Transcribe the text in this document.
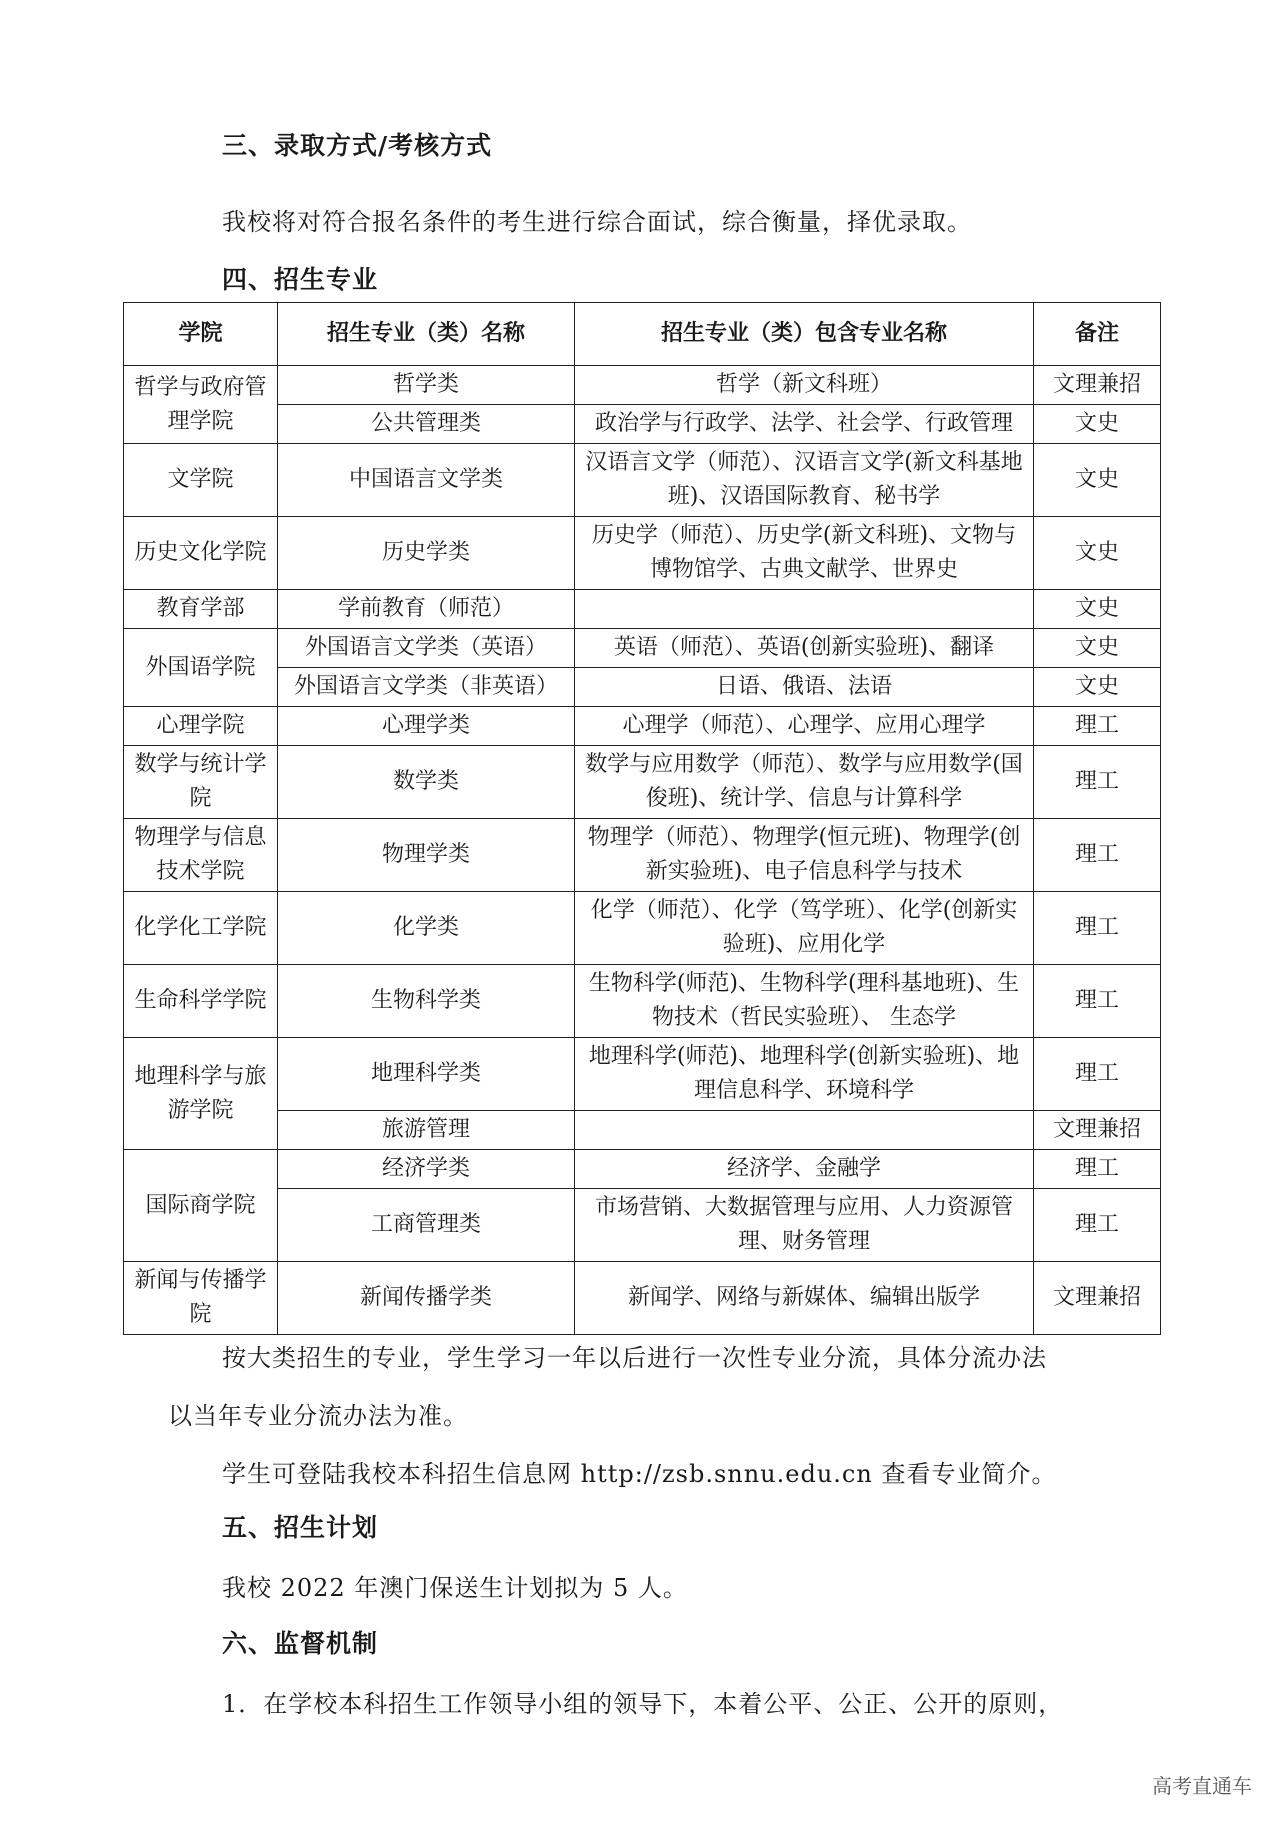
三、录取方式/考核方式
我校将对符合报名条件的考生进行综合面试，综合衡量，择优录取。
四、招生专业
学院	招生专业（类）名称	招生专业（类）包含专业名称	备注
哲学与政府管理学院	哲学类	哲学（新文科班）	文理兼招
	公共管理类	政治学与行政学、法学、社会学、行政管理	文史
文学院	中国语言文学类	汉语言文学（师范）、汉语言文学(新文科基地班)、汉语国际教育、秘书学	文史
历史文化学院	历史学类	历史学（师范）、历史学(新文科班)、文物与博物馆学、古典文献学、世界史	文史
教育学部	学前教育（师范）		文史
外国语学院	外国语言文学类（英语）	英语（师范）、英语(创新实验班)、翻译	文史
	外国语言文学类（非英语）	日语、俄语、法语	文史
心理学院	心理学类	心理学（师范）、心理学、应用心理学	理工
数学与统计学院	数学类	数学与应用数学（师范）、数学与应用数学(国俊班)、统计学、信息与计算科学	理工
物理学与信息技术学院	物理学类	物理学（师范）、物理学(恒元班)、物理学(创新实验班)、电子信息科学与技术	理工
化学化工学院	化学类	化学（师范）、化学（笃学班）、化学(创新实验班)、应用化学	理工
生命科学学院	生物科学类	生物科学(师范)、生物科学(理科基地班)、生物技术（哲民实验班）、 生态学	理工
地理科学与旅游学院	地理科学类	地理科学(师范)、地理科学(创新实验班)、地理信息科学、环境科学	理工
	旅游管理		文理兼招
国际商学院	经济学类	经济学、金融学	理工
	工商管理类	市场营销、大数据管理与应用、人力资源管理、财务管理	理工
新闻与传播学院	新闻传播学类	新闻学、网络与新媒体、编辑出版学	文理兼招
按大类招生的专业，学生学习一年以后进行一次性专业分流，具体分流办法
以当年专业分流办法为准。
学生可登陆我校本科招生信息网 http://zsb.snnu.edu.cn 查看专业简介。
五、招生计划
我校 2022 年澳门保送生计划拟为 5 人。
六、监督机制
1．在学校本科招生工作领导小组的领导下，本着公平、公正、公开的原则，
高考直通车
